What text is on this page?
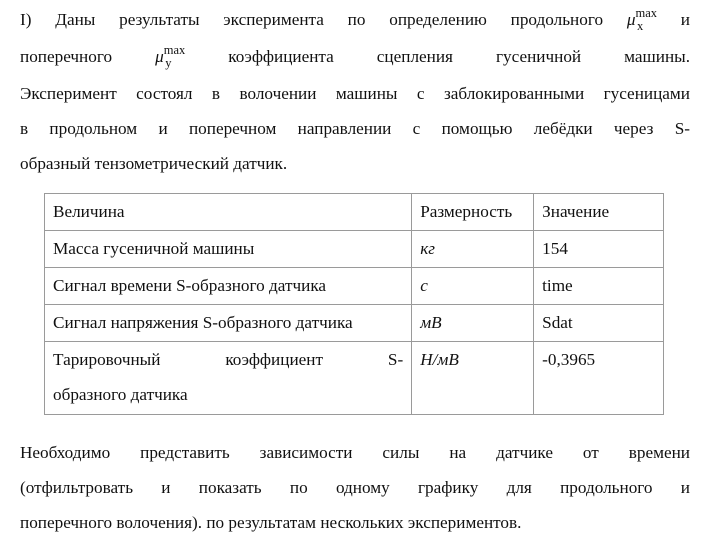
I) Даны результаты эксперимента по определению продольного $\mu^{max}x$ и
поперечного	$\mu^{max}y$	коэффициента сцепления гусеничной машины.
Эксперимент состоял в волочении машины с заблокированными гусеницами
в продольном и поперечном направлении с помощью лебёдки через S-
образный тензометрический датчик.
Величина	Размерность	Значение
Масса гусеничной машины	кг	154
Сигнал времени S-образного датчика	с	time
Сигнал напряжения S-образного датчика	мВ	Sdat

Тарировочный коэффициент S-
образного датчика	Н/мВ	-0,3965
Необходимо представить зависимости силы на датчике от времени
(отфильтровать и показать по одному графику для продольного и
поперечного волочения). по результатам нескольких экспериментов.
